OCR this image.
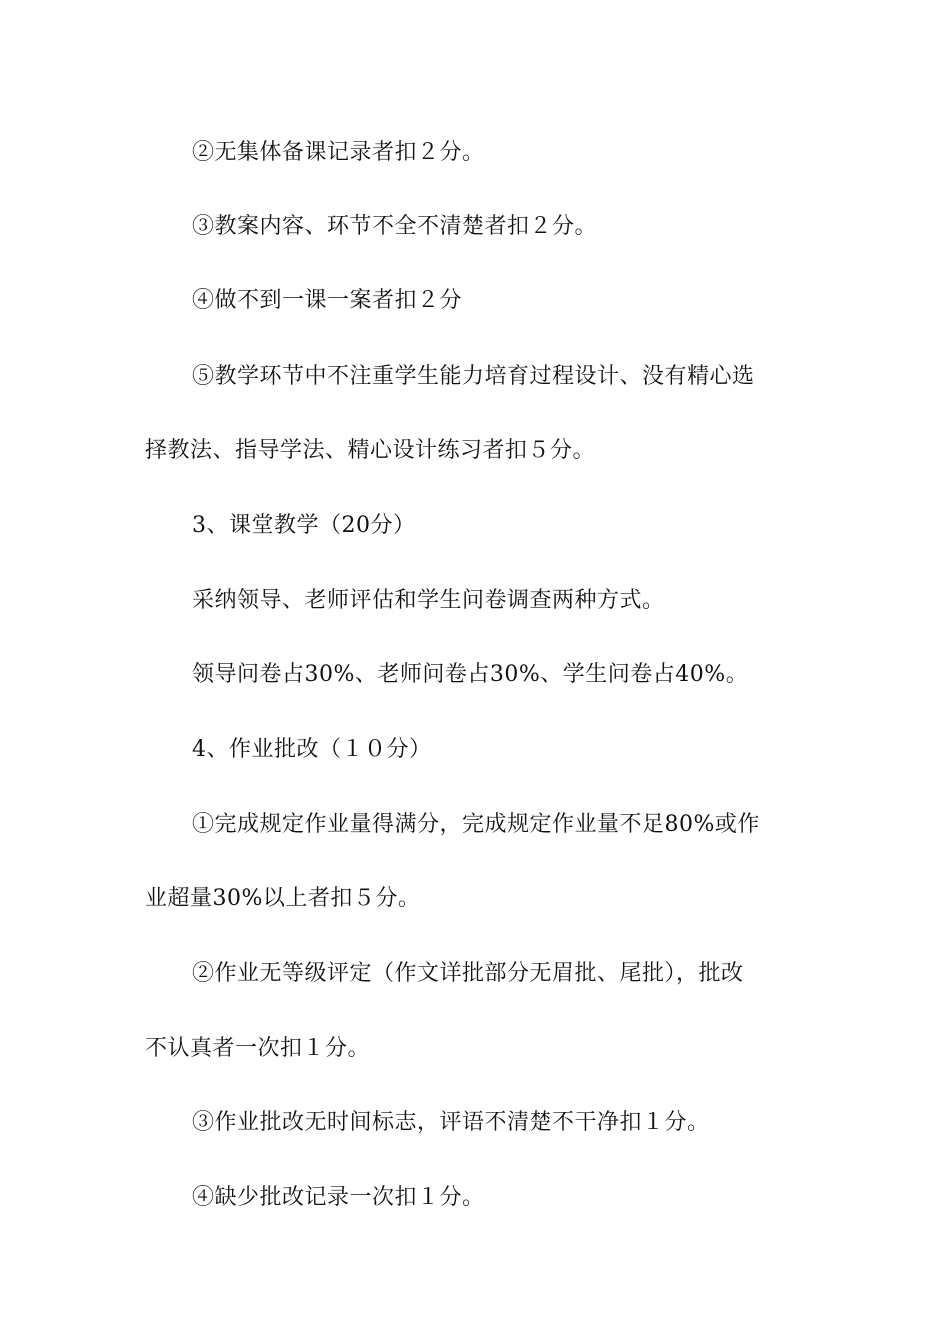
②无集体备课记录者扣２分。
③教案内容、环节不全不清楚者扣２分。
④做不到一课一案者扣２分
⑤教学环节中不注重学生能力培育过程设计、没有精心选
择教法、指导学法、精心设计练习者扣５分。
3、课堂教学（20分）
采纳领导、老师评估和学生问卷调查两种方式。
领导问卷占30%、老师问卷占30%、学生问卷占40%。
4、作业批改（１０分）
①完成规定作业量得满分，完成规定作业量不足80%或作
业超量30%以上者扣５分。
②作业无等级评定（作文详批部分无眉批、尾批），批改
不认真者一次扣１分。
③作业批改无时间标志，评语不清楚不干净扣１分。
④缺少批改记录一次扣１分。
